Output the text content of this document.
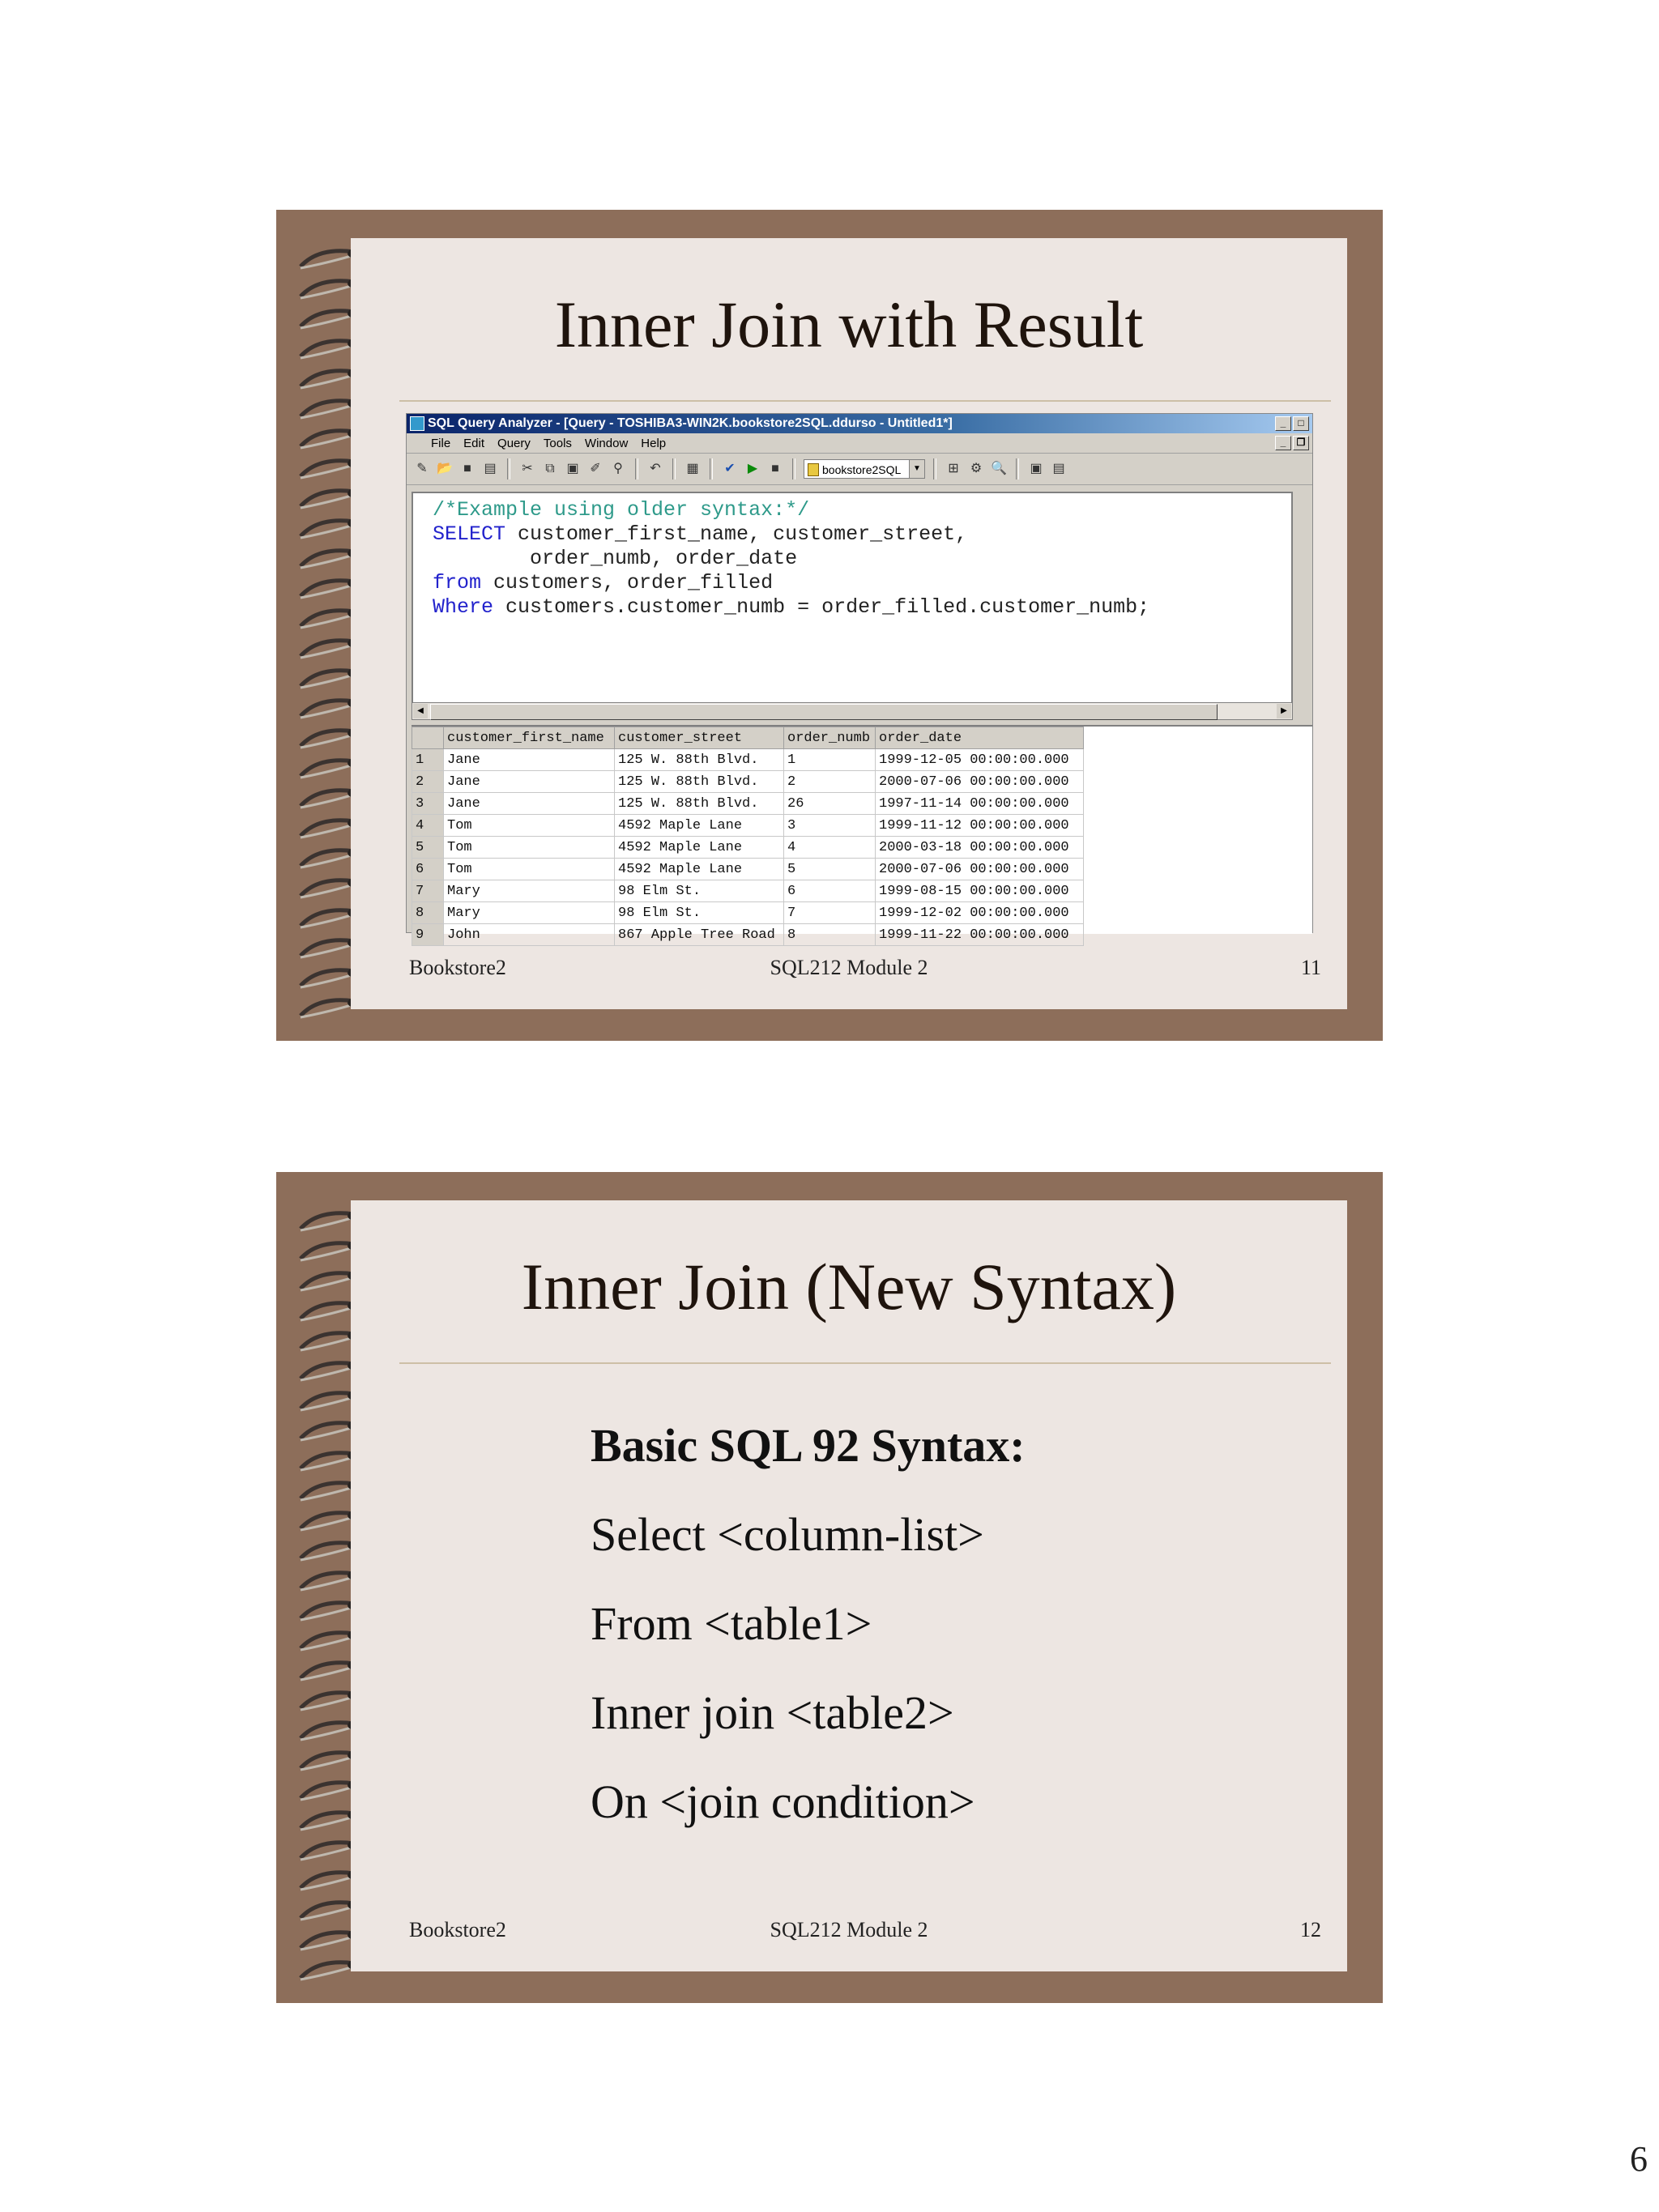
Inner Join with Result
SQL Query Analyzer - [Query - TOSHIBA3-WIN2K.bookstore2SQL.ddurso - Untitled1*]	_	□
File Edit Query Tools Window Help	_	❐
✎ 📂 ■ ▤ ✂ ⧉ ▣ ✐ ⚲	↶ ▦ ✔ ▶	■	bookstore2SQL	▼ ⊞ ⚙ 🔍 ▣ ▤
/*Example using older syntax:*/
SELECT customer_first_name, customer_street,
order_numb, order_date
from customers, order_filled
Where customers.customer_numb = order_filled.customer_numb;
◀	▶
	customer_first_name	customer_street	order_numb	order_date
1	Jane	125 W. 88th Blvd.	1	1999-12-05 00:00:00.000
2	Jane	125 W. 88th Blvd.	2	2000-07-06 00:00:00.000
3	Jane	125 W. 88th Blvd.	26	1997-11-14 00:00:00.000
4	Tom	4592 Maple Lane	3	1999-11-12 00:00:00.000
5	Tom	4592 Maple Lane	4	2000-03-18 00:00:00.000
6	Tom	4592 Maple Lane	5	2000-07-06 00:00:00.000
7	Mary	98 Elm St.	6	1999-08-15 00:00:00.000
8	Mary	98 Elm St.	7	1999-12-02 00:00:00.000
9	John	867 Apple Tree Road	8	1999-11-22 00:00:00.000
Bookstore2	SQL212 Module 2	11
Inner Join (New Syntax)
Basic SQL 92 Syntax:
Select <column-list>
From <table1>
Inner join <table2>
On <join condition>
Bookstore2	SQL212 Module 2	12
6
